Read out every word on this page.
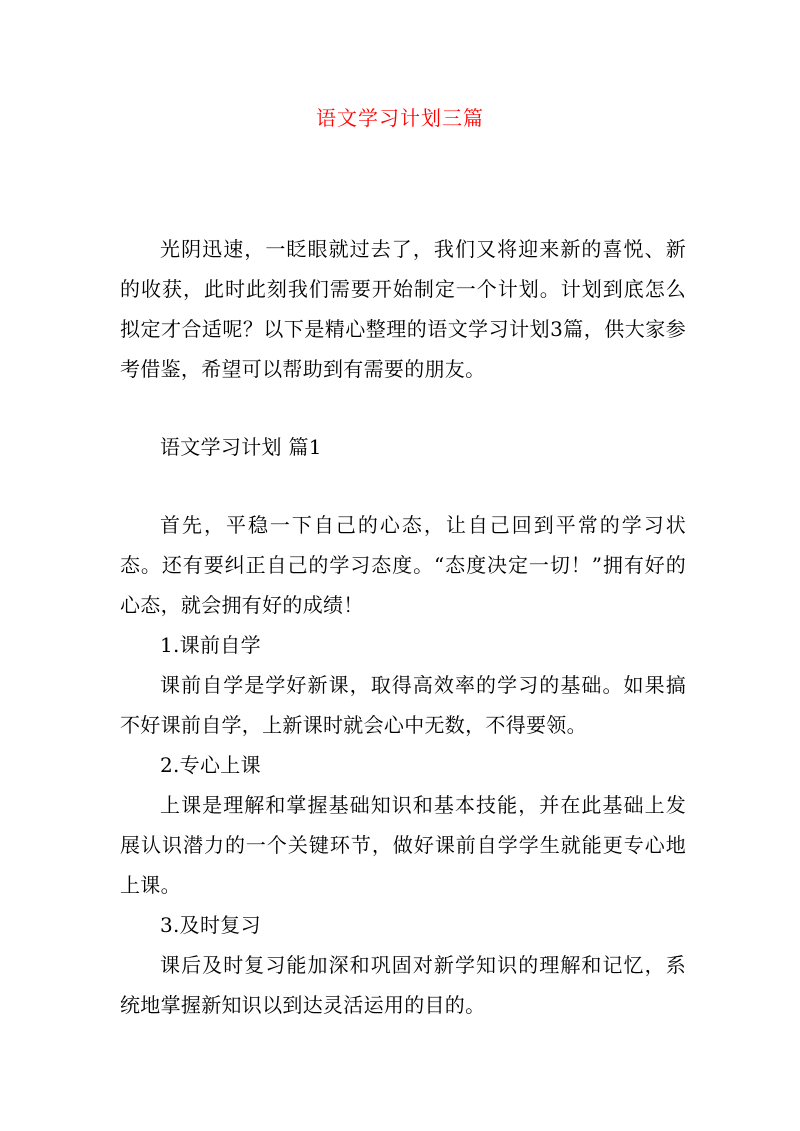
语文学习计划三篇

光阴迅速，一眨眼就过去了，我们又将迎来新的喜悦、新的收获，此时此刻我们需要开始制定一个计划。计划到底怎么拟定才合适呢？以下是精心整理的语文学习计划3篇，供大家参考借鉴，希望可以帮助到有需要的朋友。

语文学习计划 篇1

首先，平稳一下自己的心态，让自己回到平常的学习状态。还有要纠正自己的学习态度。“态度决定一切！”拥有好的心态，就会拥有好的成绩！

1.课前自学

课前自学是学好新课，取得高效率的学习的基础。如果搞不好课前自学，上新课时就会心中无数，不得要领。

2.专心上课

上课是理解和掌握基础知识和基本技能，并在此基础上发展认识潜力的一个关键环节，做好课前自学学生就能更专心地上课。

3.及时复习

课后及时复习能加深和巩固对新学知识的理解和记忆，系统地掌握新知识以到达灵活运用的目的。
